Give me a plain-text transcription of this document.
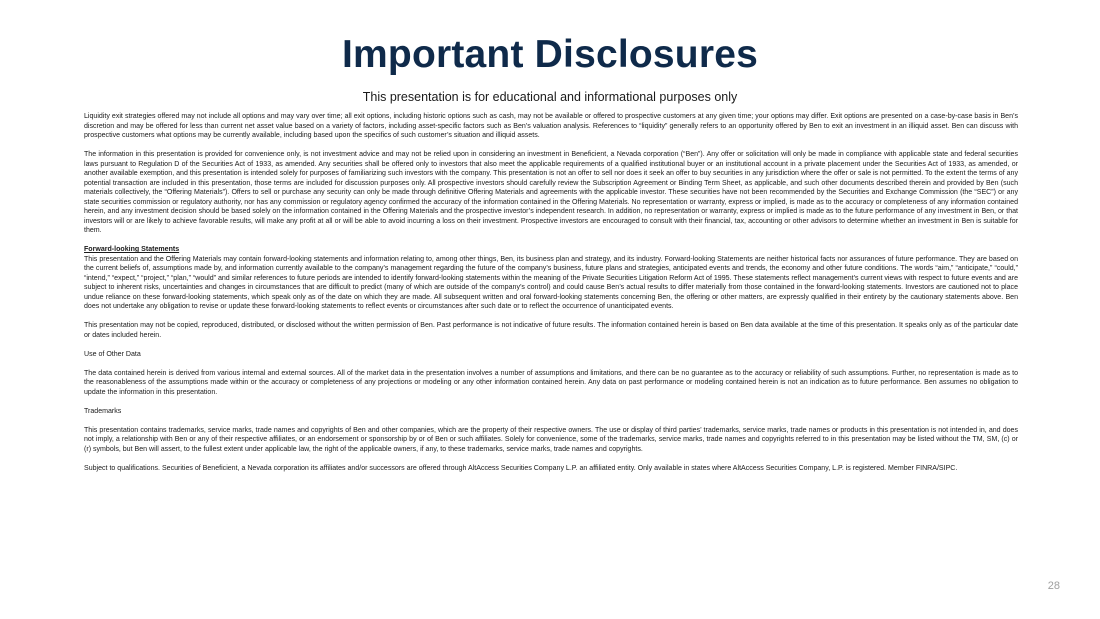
Important Disclosures
This presentation is for educational and informational purposes only

Liquidity exit strategies offered may not include all options and may vary over time; all exit options, including historic options such as cash, may not be available or offered to prospective customers at any given time; your options may differ. Exit options are presented on a case-by-case basis in Ben’s discretion and may be offered for less than current net asset value based on a variety of factors, including asset-specific factors such as Ben’s valuation analysis. References to “liquidity” generally refers to an opportunity offered by Ben to exit an investment in an illiquid asset. Ben can discuss with prospective customers what options may be currently available, including based upon the specifics of such customer’s situation and illiquid assets.

The information in this presentation is provided for convenience only, is not investment advice and may not be relied upon in considering an investment in Beneficient, a Nevada corporation (“Ben”). Any offer or solicitation will only be made in compliance with applicable state and federal securities laws pursuant to Regulation D of the Securities Act of 1933, as amended. Any securities shall be offered only to investors that also meet the applicable requirements of a qualified institutional buyer or an institutional account in a private placement under the Securities Act of 1933, as amended, or another available exemption, and this presentation is intended solely for purposes of familiarizing such investors with the company. This presentation is not an offer to sell nor does it seek an offer to buy securities in any jurisdiction where the offer or sale is not permitted. To the extent the terms of any potential transaction are included in this presentation, those terms are included for discussion purposes only. All prospective investors should carefully review the Subscription Agreement or Binding Term Sheet, as applicable, and such other documents described therein and provided by Ben (such materials collectively, the “Offering Materials”). Offers to sell or purchase any security can only be made through definitive Offering Materials and agreements with the applicable investor. These securities have not been recommended by the Securities and Exchange Commission (the “SEC”) or any state securities commission or regulatory authority, nor has any commission or regulatory agency confirmed the accuracy of the information contained in the Offering Materials. No representation or warranty, express or implied, is made as to the accuracy or completeness of any information contained herein, and any investment decision should be based solely on the information contained in the Offering Materials and the prospective investor’s independent research. In addition, no representation or warranty, express or implied is made as to the future performance of any investment in Ben, or that investors will or are likely to achieve favorable results, will make any profit at all or will be able to avoid incurring a loss on their investment. Prospective investors are encouraged to consult with their financial, tax, accounting or other advisors to determine whether an investment in Ben is suitable for them.

Forward-looking Statements

This presentation and the Offering Materials may contain forward-looking statements and information relating to, among other things, Ben, its business plan and strategy, and its industry. Forward-looking Statements are neither historical facts nor assurances of future performance. They are based on the current beliefs of, assumptions made by, and information currently available to the company’s management regarding the future of the company’s business, future plans and strategies, anticipated events and trends, the economy and other future conditions. The words “aim,” “anticipate,” “could,” “intend,” “expect,” “project,” “plan,” “would” and similar references to future periods are intended to identify forward-looking statements within the meaning of the Private Securities Litigation Reform Act of 1995. These statements reflect management’s current views with respect to future events and are subject to inherent risks, uncertainties and changes in circumstances that are difficult to predict (many of which are outside of the company’s control) and could cause Ben’s actual results to differ materially from those contained in the forward-looking statements. Investors are cautioned not to place undue reliance on these forward-looking statements, which speak only as of the date on which they are made. All subsequent written and oral forward-looking statements concerning Ben, the offering or other matters, are expressly qualified in their entirety by the cautionary statements above. Ben does not undertake any obligation to revise or update these forward-looking statements to reflect events or circumstances after such date or to reflect the occurrence of unanticipated events.

This presentation may not be copied, reproduced, distributed, or disclosed without the written permission of Ben. Past performance is not indicative of future results. The information contained herein is based on Ben data available at the time of this presentation. It speaks only as of the particular date or dates included herein.

Use of Other Data

The data contained herein is derived from various internal and external sources. All of the market data in the presentation involves a number of assumptions and limitations, and there can be no guarantee as to the accuracy or reliability of such assumptions. Further, no representation is made as to the reasonableness of the assumptions made within or the accuracy or completeness of any projections or modeling or any other information contained herein. Any data on past performance or modeling contained herein is not an indication as to future performance. Ben assumes no obligation to update the information in this presentation.

Trademarks

This presentation contains trademarks, service marks, trade names and copyrights of Ben and other companies, which are the property of their respective owners. The use or display of third parties’ trademarks, service marks, trade names or products in this presentation is not intended in, and does not imply, a relationship with Ben or any of their respective affiliates, or an endorsement or sponsorship by or of Ben or such affiliates. Solely for convenience, some of the trademarks, service marks, trade names and copyrights referred to in this presentation may be listed without the TM, SM, (c) or (r) symbols, but Ben will assert, to the fullest extent under applicable law, the right of the applicable owners, if any, to these trademarks, service marks, trade names and copyrights.

Subject to qualifications. Securities of Beneficient, a Nevada corporation its affiliates and/or successors are offered through AltAccess Securities Company L.P. an affiliated entity. Only available in states where AltAccess Securities Company, L.P. is registered. Member FINRA/SIPC.

28
